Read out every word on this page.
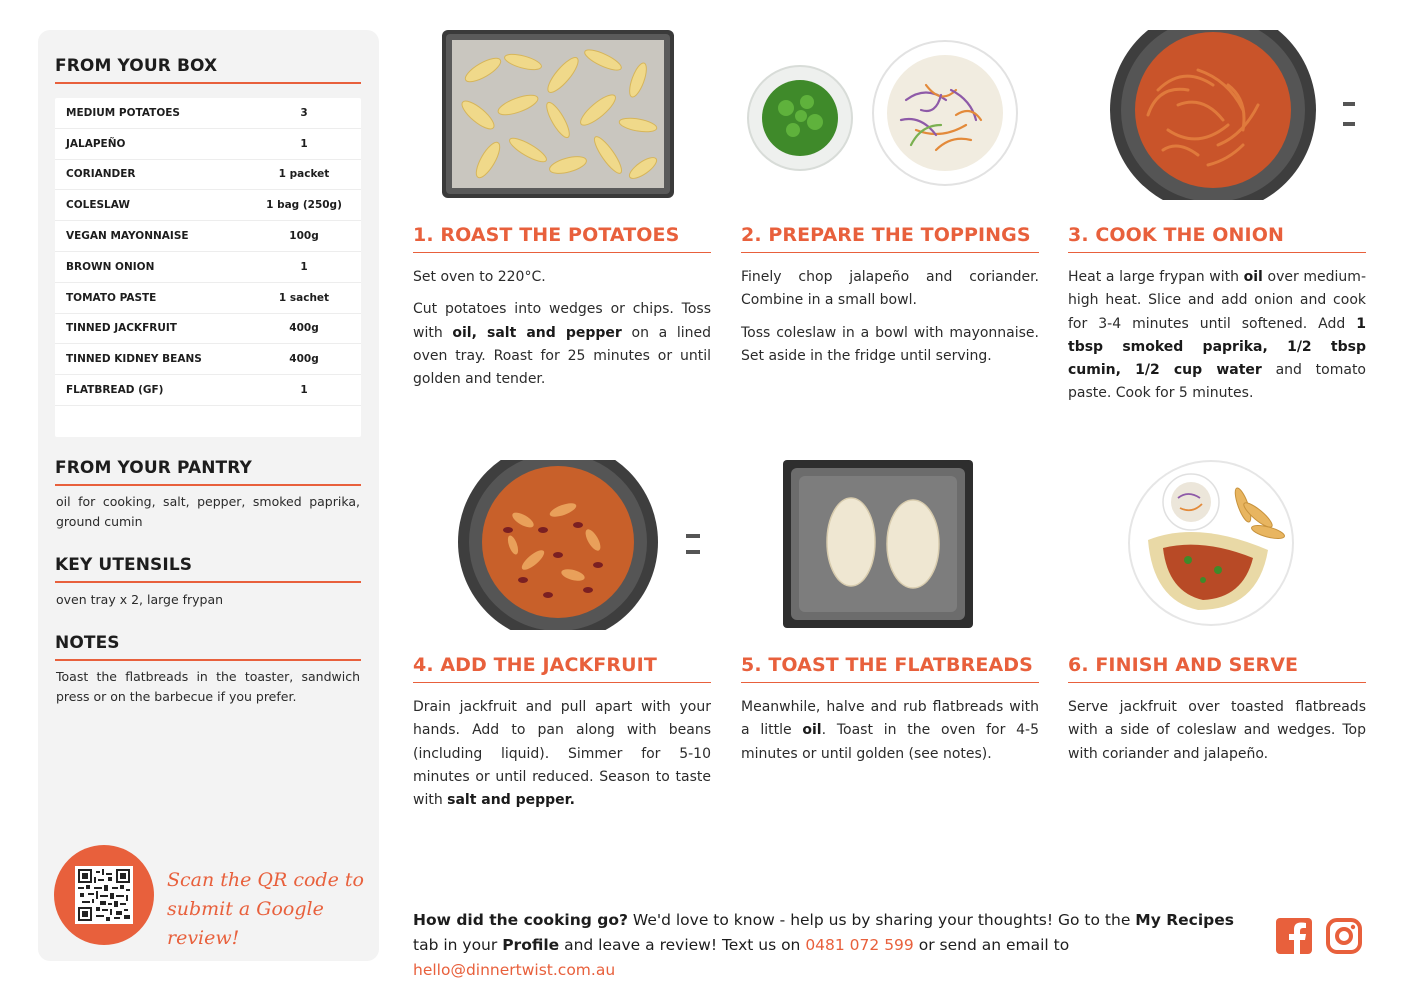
FROM YOUR BOX
MEDIUM POTATOES	3
JALAPEÑO	1
CORIANDER	1 packet
COLESLAW	1 bag (250g)
VEGAN MAYONNAISE	100g
BROWN ONION	1
TOMATO PASTE	1 sachet
TINNED JACKFRUIT	400g
TINNED KIDNEY BEANS	400g
FLATBREAD (GF)	1
FROM YOUR PANTRY
oil for cooking, salt, pepper, smoked paprika, ground cumin
KEY UTENSILS
oven tray x 2, large frypan
NOTES
Toast the flatbreads in the toaster, sandwich press or on the barbecue if you prefer.
Scan the QR code to
submit a Google review!
1. ROAST THE POTATOES

Set oven to 220°C.

Cut potatoes into wedges or chips. Toss with oil, salt and pepper on a lined oven tray. Roast for 25 minutes or until golden and tender.

2. PREPARE THE TOPPINGS

Finely chop jalapeño and coriander. Combine in a small bowl.

Toss coleslaw in a bowl with mayonnaise. Set aside in the fridge until serving.

3. COOK THE ONION

Heat a large frypan with oil over medium-high heat. Slice and add onion and cook for 3-4 minutes until softened. Add 1 tbsp smoked paprika, 1/2 tbsp cumin, 1/2 cup water and tomato paste. Cook for 5 minutes.

4. ADD THE JACKFRUIT

Drain jackfruit and pull apart with your hands. Add to pan along with beans (including liquid). Simmer for 5-10 minutes or until reduced. Season to taste with salt and pepper.

5. TOAST THE FLATBREADS

Meanwhile, halve and rub flatbreads with a little oil. Toast in the oven for 4-5 minutes or until golden (see notes).

6. FINISH AND SERVE

Serve jackfruit over toasted flatbreads with a side of coleslaw and wedges. Top with coriander and jalapeño.

How did the cooking go? We'd love to know - help us by sharing your thoughts! Go to the My Recipes tab in your Profile and leave a review! Text us on 0481 072 599 or send an email to hello@dinnertwist.com.au
